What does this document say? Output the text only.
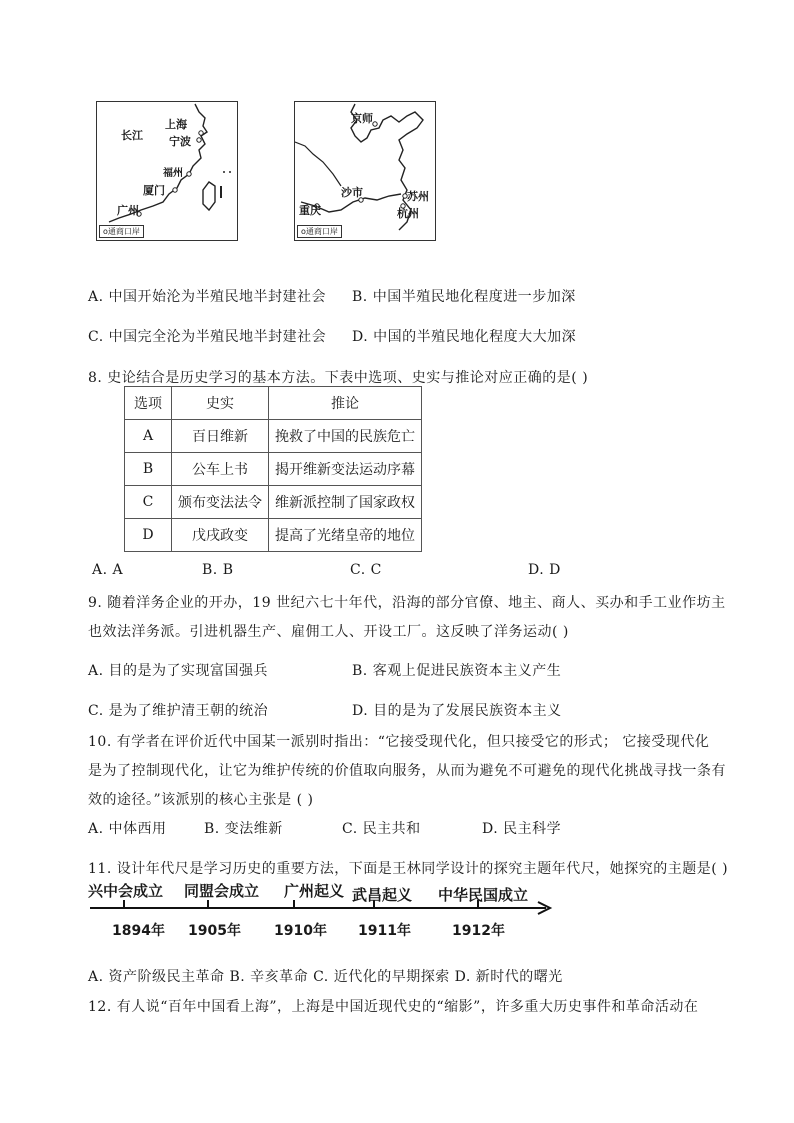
上海
宁波
长江
福州
厦门
广州
o通商口岸
京师
沙市	苏州
重庆	杭州
o通商口岸
A. 中国开始沦为半殖民地半封建社会 B. 中国半殖民地化程度进一步加深
C. 中国完全沦为半殖民地半封建社会 D. 中国的半殖民地化程度大大加深
8. 史论结合是历史学习的基本方法。下表中选项、史实与推论对应正确的是( )
选项	史实	推论
A	百日维新	挽救了中国的民族危亡
B	公车上书	揭开维新变法运动序幕
C	颁布变法法令	维新派控制了国家政权
D	戊戌政变	提高了光绪皇帝的地位
A. A	B. B	C. C	D. D
9. 随着洋务企业的开办，19 世纪六七十年代，沿海的部分官僚、地主、商人、买办和手工业作坊主
也效法洋务派。引进机器生产、雇佣工人、开设工厂。这反映了洋务运动( )
A. 目的是为了实现富国强兵	B. 客观上促进民族资本主义产生
C. 是为了维护清王朝的统治	D. 目的是为了发展民族资本主义
10. 有学者在评价近代中国某一派别时指出：“它接受现代化，但只接受它的形式； 它接受现代化
是为了控制现代化，让它为维护传统的价值取向服务，从而为避免不可避免的现代化挑战寻找一条有
效的途径。”该派别的核心主张是 ( )
A. 中体西用	B. 变法维新	C. 民主共和	D. 民主科学
11. 设计年代尺是学习历史的重要方法，下面是王林同学设计的探究主题年代尺，她探究的主题是( )
兴中会成立 同盟会成立 广州起义 武昌起义 中华民国成立
1894年 1905年 1910年 1911年	1912年
A. 资产阶级民主革命 B. 辛亥革命 C. 近代化的早期探索 D. 新时代的曙光
12. 有人说“百年中国看上海”，上海是中国近现代史的“缩影”，许多重大历史事件和革命活动在
